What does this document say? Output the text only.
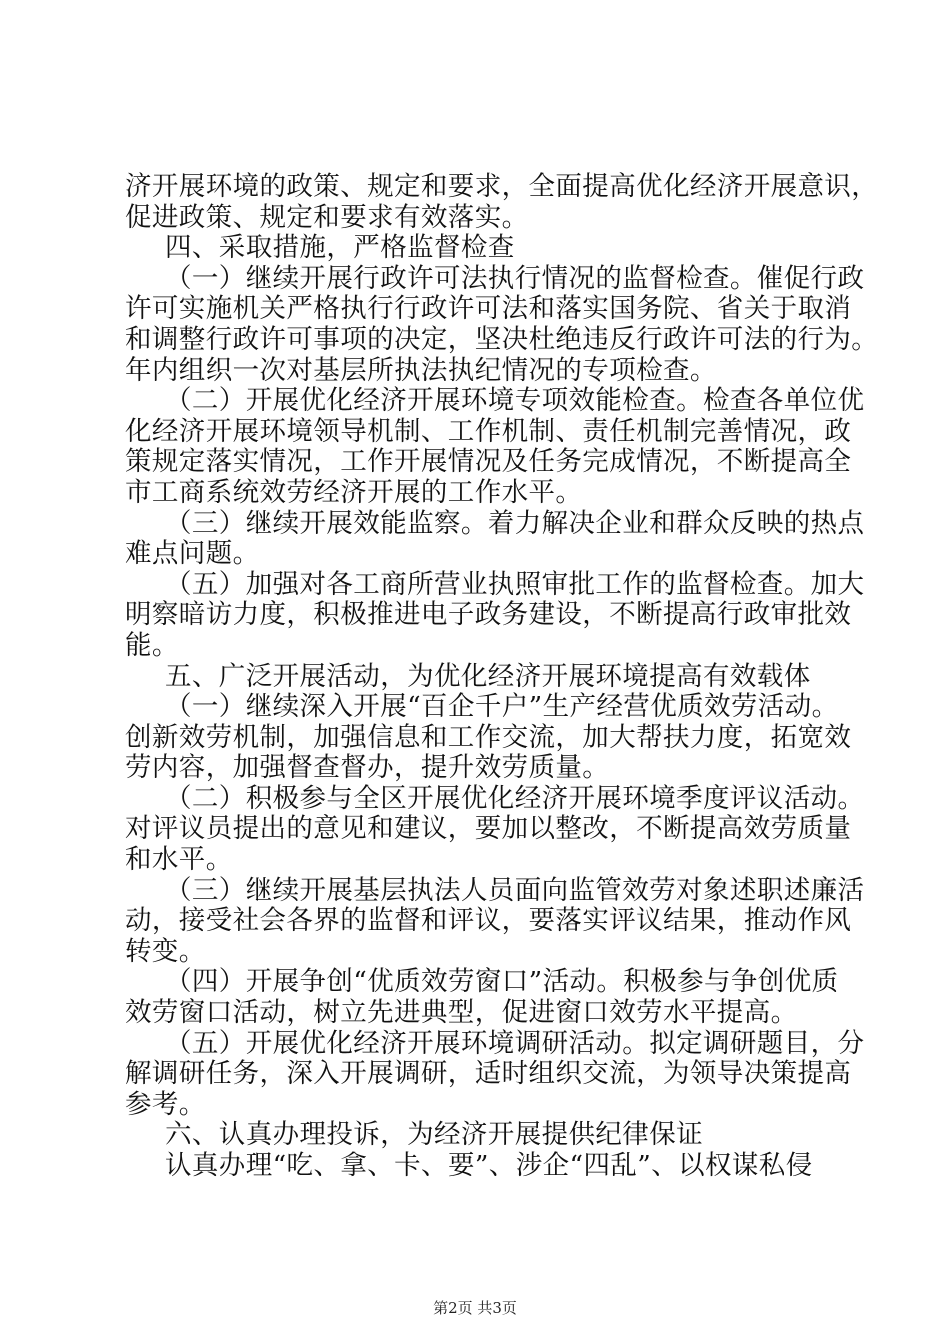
济开展环境的政策、规定和要求，全面提高优化经济开展意识，
促进政策、规定和要求有效落实。
四、采取措施，严格监督检查
（一）继续开展行政许可法执行情况的监督检查。催促行政
许可实施机关严格执行行政许可法和落实国务院、省关于取消
和调整行政许可事项的决定，坚决杜绝违反行政许可法的行为。
年内组织一次对基层所执法执纪情况的专项检查。
（二）开展优化经济开展环境专项效能检查。检查各单位优
化经济开展环境领导机制、工作机制、责任机制完善情况，政
策规定落实情况，工作开展情况及任务完成情况，不断提高全
市工商系统效劳经济开展的工作水平。
（三）继续开展效能监察。着力解决企业和群众反映的热点
难点问题。
（五）加强对各工商所营业执照审批工作的监督检查。加大
明察暗访力度，积极推进电子政务建设，不断提高行政审批效
能。
五、广泛开展活动，为优化经济开展环境提高有效载体
（一）继续深入开展“百企千户”生产经营优质效劳活动。
创新效劳机制，加强信息和工作交流，加大帮扶力度，拓宽效
劳内容，加强督查督办，提升效劳质量。
（二）积极参与全区开展优化经济开展环境季度评议活动。
对评议员提出的意见和建议，要加以整改，不断提高效劳质量
和水平。
（三）继续开展基层执法人员面向监管效劳对象述职述廉活
动，接受社会各界的监督和评议，要落实评议结果，推动作风
转变。
（四）开展争创“优质效劳窗口”活动。积极参与争创优质
效劳窗口活动，树立先进典型，促进窗口效劳水平提高。
（五）开展优化经济开展环境调研活动。拟定调研题目，分
解调研任务，深入开展调研，适时组织交流，为领导决策提高
参考。
六、认真办理投诉，为经济开展提供纪律保证
认真办理“吃、拿、卡、要”、涉企“四乱”、以权谋私侵
第2页 共3页
